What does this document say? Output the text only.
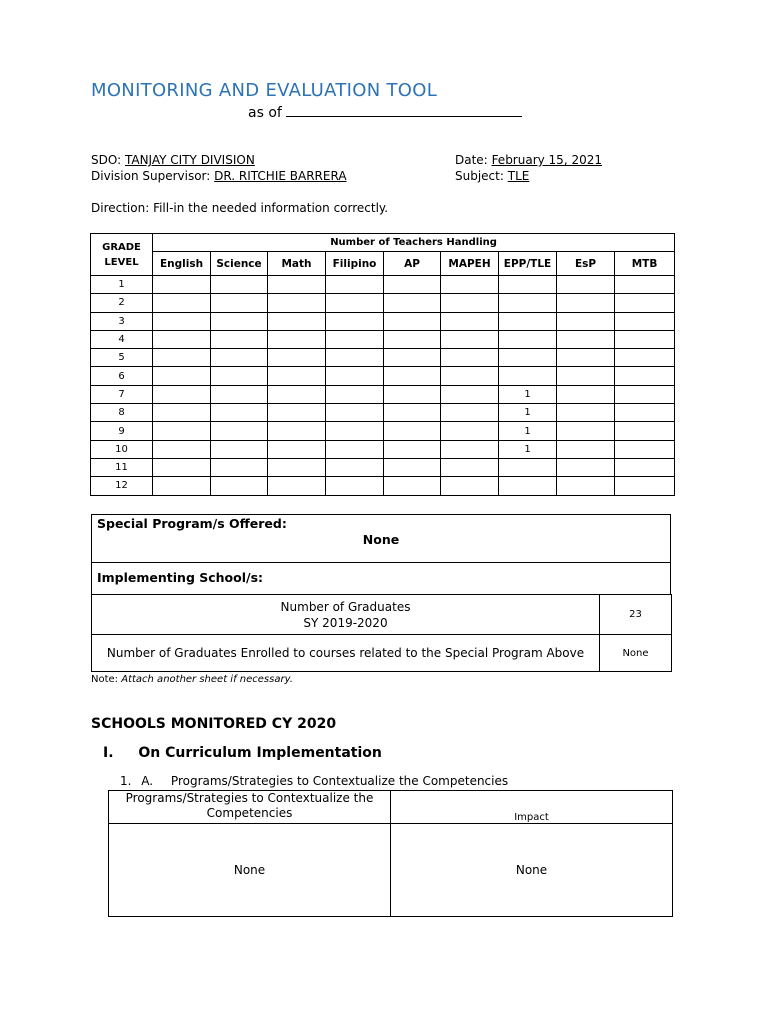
MONITORING AND EVALUATION TOOL
as of
SDO: TANJAY CITY DIVISION
Division Supervisor: DR. RITCHIE BARRERA
Date: February 15, 2021
Subject: TLE
Direction: Fill-in the needed information correctly.
GRADE
LEVEL	Number of Teachers Handling								
	English	Science	Math	Filipino	AP	MAPEH	EPP/TLE	EsP	MTB
1									
2									
3									
4									
5									
6									
7							1		
8							1		
9							1		
10							1		
11									
12									
Special Program/s Offered:
None
Implementing School/s:
Number of Graduates
SY 2019-2020	23
Number of Graduates Enrolled to courses related to the Special Program Above	None
Note: Attach another sheet if necessary.
SCHOOLS MONITORED CY 2020
I. On Curriculum Implementation
1. A. Programs/Strategies to Contextualize the Competencies
Programs/Strategies to Contextualize the Competencies	Impact
None	None
